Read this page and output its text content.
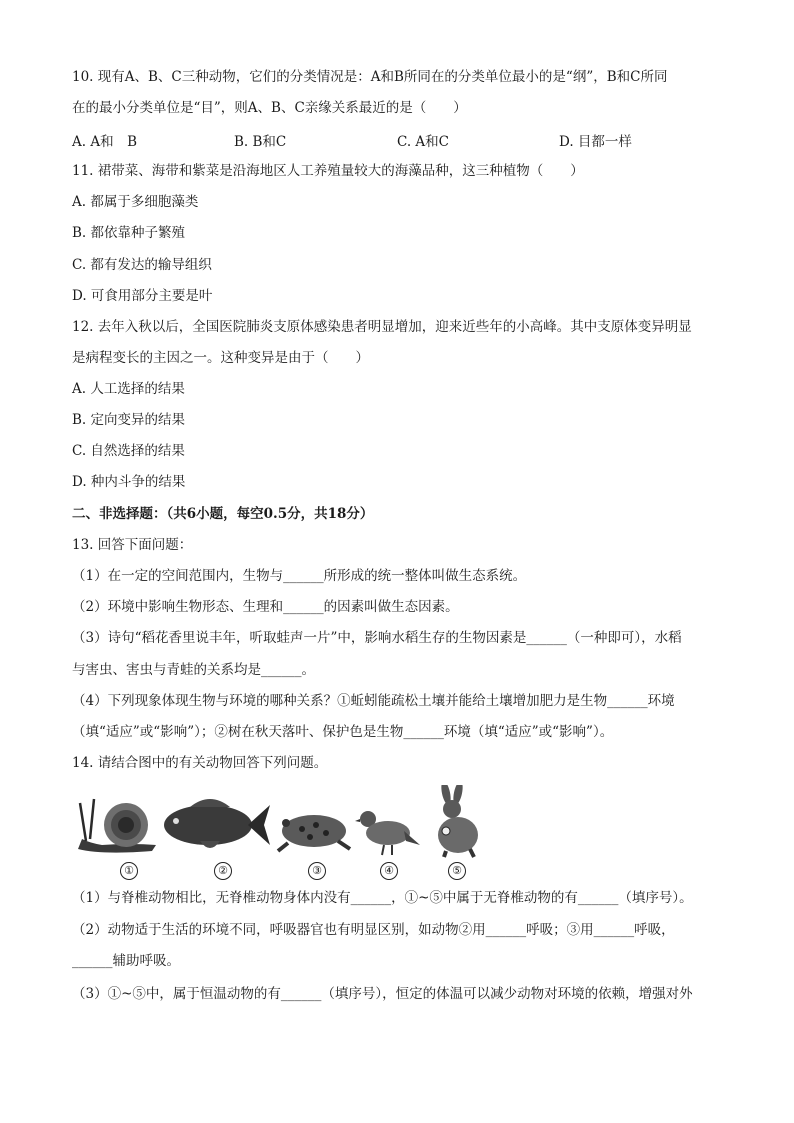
10. 现有A、B、C三种动物，它们的分类情况是：A和B所同在的分类单位最小的是“纲”，B和C所同
在的最小分类单位是“目”，则A、B、C亲缘关系最近的是（　　）
A. A和　B	B. B和C	C. A和C	D. 目都一样
11. 裙带菜、海带和紫菜是沿海地区人工养殖量较大的海藻品种，这三种植物（　　）
A. 都属于多细胞藻类
B. 都依靠种子繁殖
C. 都有发达的输导组织
D. 可食用部分主要是叶
12. 去年入秋以后，全国医院肺炎支原体感染患者明显增加，迎来近些年的小高峰。其中支原体变异明显
是病程变长的主因之一。这种变异是由于（　　）
A. 人工选择的结果
B. 定向变异的结果
C. 自然选择的结果
D. 种内斗争的结果
二、非选择题：（共6小题，每空0.5分，共18分）
13. 回答下面问题：
（1）在一定的空间范围内，生物与______所形成的统一整体叫做生态系统。
（2）环境中影响生物形态、生理和______的因素叫做生态因素。
（3）诗句“稻花香里说丰年，听取蛙声一片”中，影响水稻生存的生物因素是______（一种即可），水稻
与害虫、害虫与青蛙的关系均是______。
（4）下列现象体现生物与环境的哪种关系？①蚯蚓能疏松土壤并能给土壤增加肥力是生物______环境
（填“适应”或“影响”）；②树在秋天落叶、保护色是生物______环境（填“适应”或“影响”）。
14. 请结合图中的有关动物回答下列问题。
①	②	③	④	⑤
（1）与脊椎动物相比，无脊椎动物身体内没有______，①~⑤中属于无脊椎动物的有______（填序号）。
（2）动物适于生活的环境不同，呼吸器官也有明显区别，如动物②用______呼吸；③用______呼吸，
______辅助呼吸。
（3）①~⑤中，属于恒温动物的有______（填序号），恒定的体温可以减少动物对环境的依赖，增强对外
